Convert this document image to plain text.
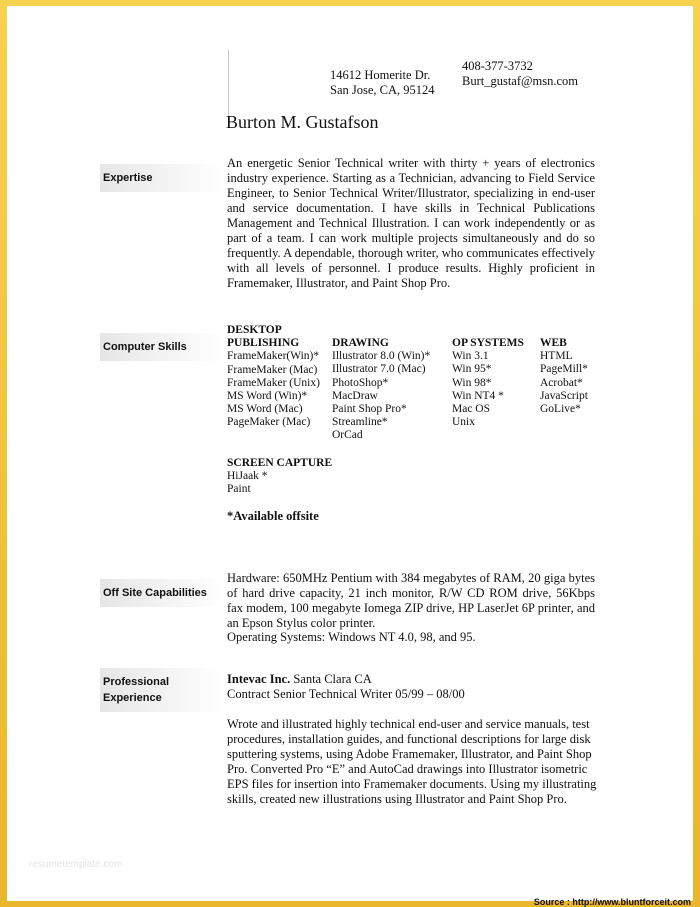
14612 Homerite Dr.
San Jose, CA, 95124
408-377-3732
Burt_gustaf@msn.com
Burton M. Gustafson
Expertise
An energetic Senior Technical writer with thirty + years of electronics industry experience. Starting as a Technician, advancing to Field Service Engineer, to Senior Technical Writer/Illustrator, specializing in end-user and service documentation. I have skills in Technical Publications Management and Technical Illustration. I can work independently or as part of a team. I can work multiple projects simultaneously and do so frequently. A dependable, thorough writer, who communicates effectively with all levels of personnel. I produce results. Highly proficient in Framemaker, Illustrator, and Paint Shop Pro.
Computer Skills
DESKTOP
PUBLISHING
FrameMaker(Win)*
FrameMaker (Mac)
FrameMaker (Unix)
MS Word (Win)*
MS Word (Mac)
PageMaker (Mac)
DRAWING
Illustrator 8.0 (Win)*
Illustrator 7.0 (Mac)
PhotoShop*
MacDraw
Paint Shop Pro*
Streamline*
OrCad
OP SYSTEMS
Win 3.1
Win 95*
Win 98*
Win NT4 *
Mac OS
Unix
WEB
HTML
PageMill*
Acrobat*
JavaScript
GoLive*
SCREEN CAPTURE
HiJaak *
Paint
*Available offsite
Off Site Capabilities
Hardware: 650MHz Pentium with 384 megabytes of RAM, 20 giga bytes of hard drive capacity, 21 inch monitor, R/W CD ROM drive, 56Kbps fax modem, 100 megabyte Iomega ZIP drive, HP LaserJet 6P printer, and an Epson Stylus color printer.
Operating Systems: Windows NT 4.0, 98, and 95.
Professional
Experience
Intevac Inc. Santa Clara CA
Contract Senior Technical Writer 05/99 – 08/00
Wrote and illustrated highly technical end-user and service manuals, test procedures, installation guides, and functional descriptions for large disk sputtering systems, using Adobe Framemaker, Illustrator, and Paint Shop Pro. Converted Pro “E” and AutoCad drawings into Illustrator isometric EPS files for insertion into Framemaker documents. Using my illustrating skills, created new illustrations using Illustrator and Paint Shop Pro.
resumetemplate.com
Source : http://www.bluntforceit.com
